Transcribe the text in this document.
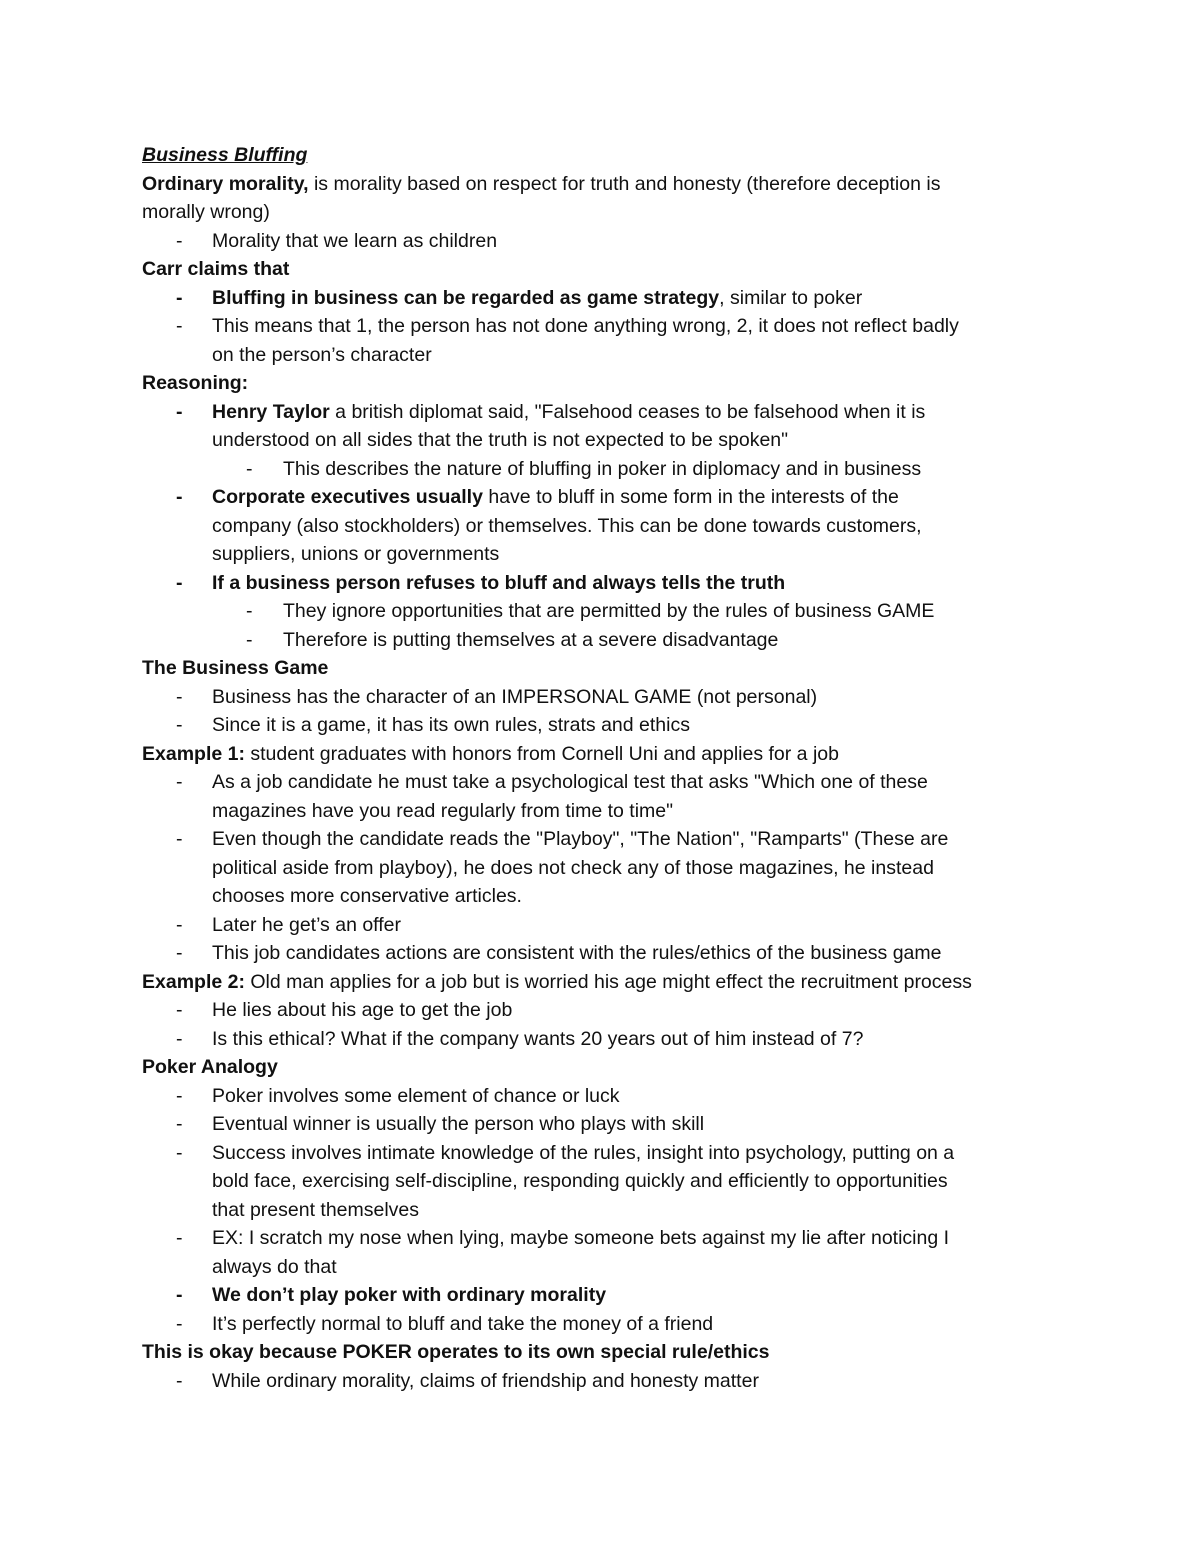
Business Bluffing

Ordinary morality, is morality based on respect for truth and honesty (therefore deception is

morally wrong)

- Morality that we learn as children

Carr claims that

- Bluffing in business can be regarded as game strategy, similar to poker

- This means that 1, the person has not done anything wrong, 2, it does not reflect badly

on the person’s character

Reasoning:

- Henry Taylor a british diplomat said, "Falsehood ceases to be falsehood when it is

understood on all sides that the truth is not expected to be spoken"

- This describes the nature of bluffing in poker in diplomacy and in business

- Corporate executives usually have to bluff in some form in the interests of the

company (also stockholders) or themselves. This can be done towards customers,

suppliers, unions or governments

- If a business person refuses to bluff and always tells the truth

- They ignore opportunities that are permitted by the rules of business GAME

- Therefore is putting themselves at a severe disadvantage

The Business Game

- Business has the character of an IMPERSONAL GAME (not personal)

- Since it is a game, it has its own rules, strats and ethics

Example 1: student graduates with honors from Cornell Uni and applies for a job

- As a job candidate he must take a psychological test that asks "Which one of these

magazines have you read regularly from time to time"

- Even though the candidate reads the "Playboy", "The Nation", "Ramparts" (These are

political aside from playboy), he does not check any of those magazines, he instead

chooses more conservative articles.

- Later he get’s an offer

- This job candidates actions are consistent with the rules/ethics of the business game

Example 2: Old man applies for a job but is worried his age might effect the recruitment process

- He lies about his age to get the job

- Is this ethical? What if the company wants 20 years out of him instead of 7?

Poker Analogy

- Poker involves some element of chance or luck

- Eventual winner is usually the person who plays with skill

- Success involves intimate knowledge of the rules, insight into psychology, putting on a

bold face, exercising self-discipline, responding quickly and efficiently to opportunities

that present themselves

- EX: I scratch my nose when lying, maybe someone bets against my lie after noticing I

always do that

- We don’t play poker with ordinary morality

- It’s perfectly normal to bluff and take the money of a friend

This is okay because POKER operates to its own special rule/ethics

- While ordinary morality, claims of friendship and honesty matter
